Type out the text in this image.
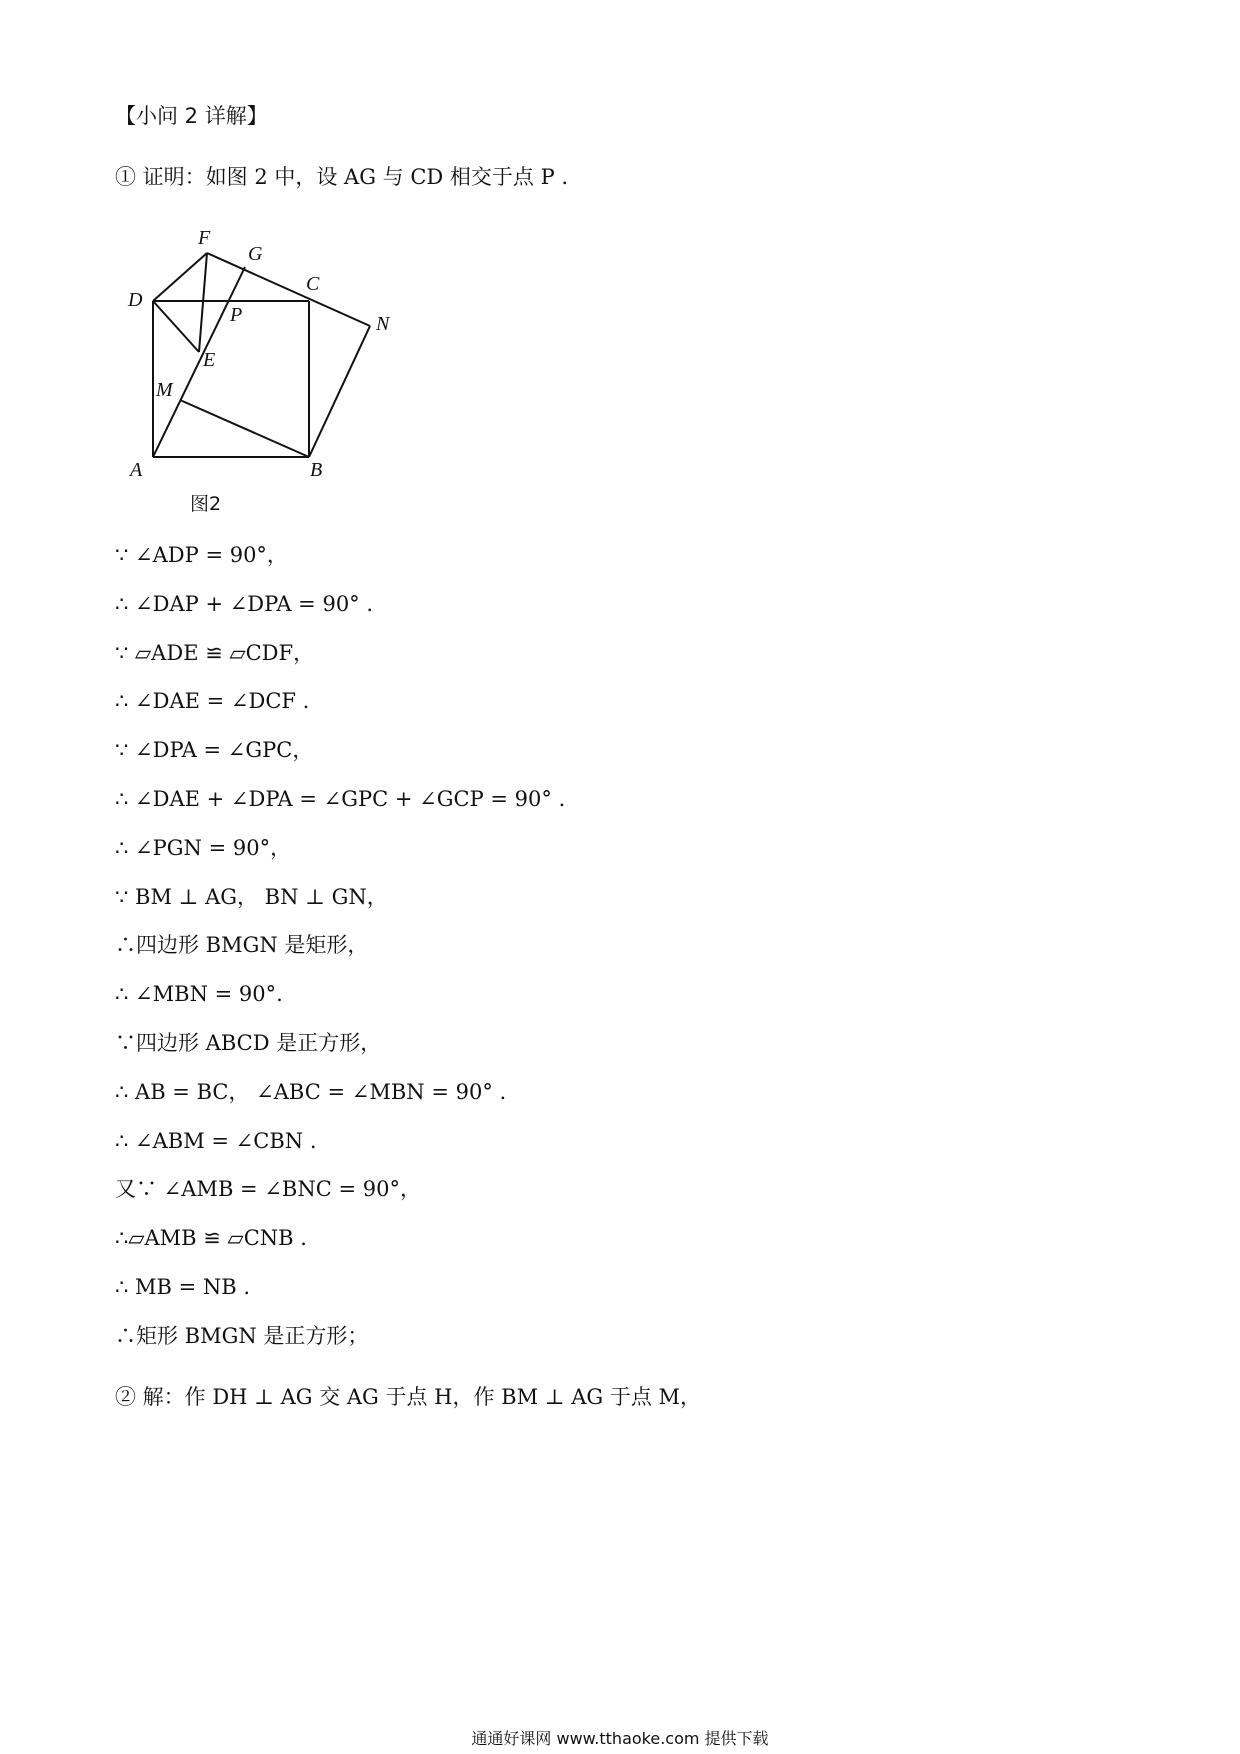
【小问 2 详解】
① 证明：如图 2 中，设 AG 与 CD 相交于点 P .
F
G
C
D
P	N
E
M
A	B
图2
∵ ∠ADP = 90°，
∴ ∠DAP + ∠DPA = 90° .
∵ ▱ADE ≌ ▱CDF，
∴ ∠DAE = ∠DCF .
∵ ∠DPA = ∠GPC，
∴ ∠DAE + ∠DPA = ∠GPC + ∠GCP = 90° .
∴ ∠PGN = 90°，
∵ BM ⊥ AG， BN ⊥ GN，
∴四边形 BMGN 是矩形，
∴ ∠MBN = 90°.
∵四边形 ABCD 是正方形，
∴ AB = BC， ∠ABC = ∠MBN = 90° .
∴ ∠ABM = ∠CBN .
又∵ ∠AMB = ∠BNC = 90°，
∴▱AMB ≌ ▱CNB .
∴ MB = NB .
∴矩形 BMGN 是正方形；
② 解：作 DH ⊥ AG 交 AG 于点 H，作 BM ⊥ AG 于点 M，
通通好课网 www.tthaoke.com 提供下载
